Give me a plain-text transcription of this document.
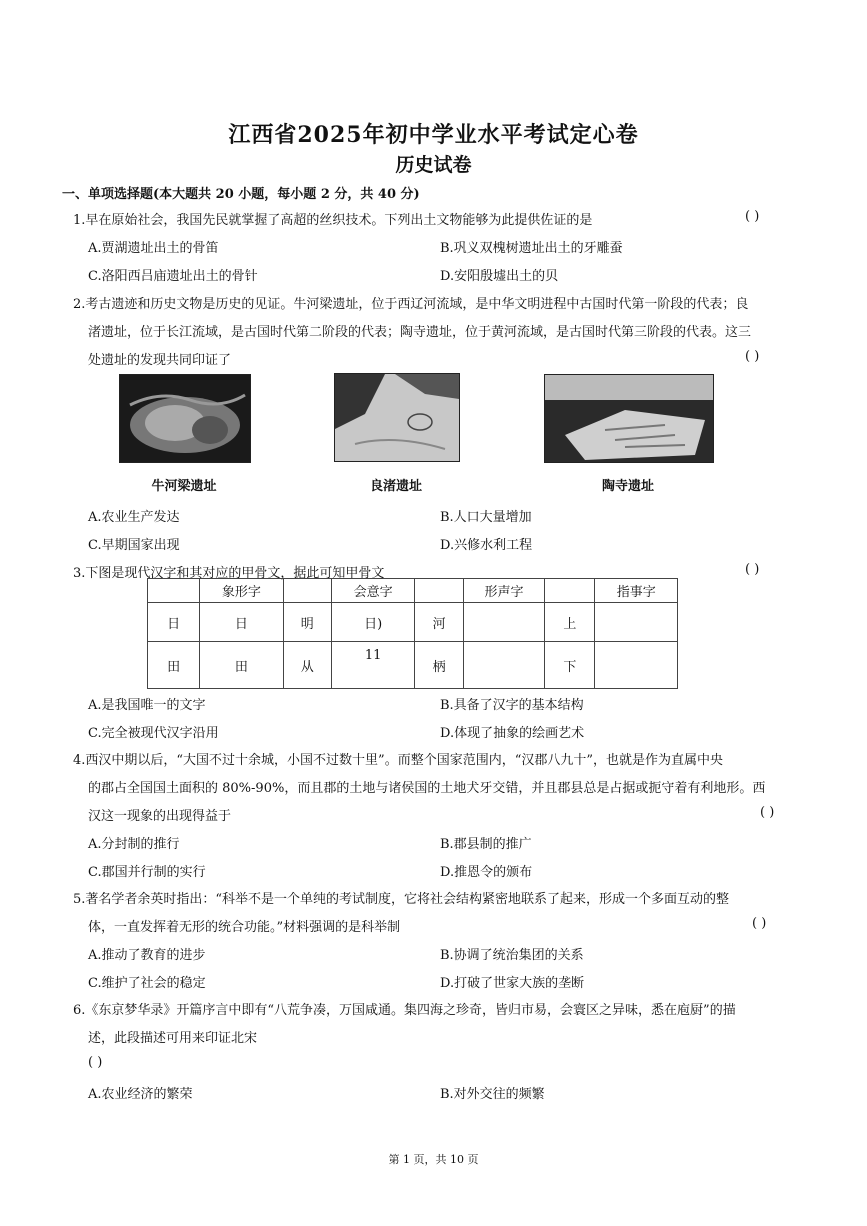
江西省2025年初中学业水平考试定心卷
历史试卷
一、单项选择题(本大题共 20 小题，每小题 2 分，共 40 分)
1.早在原始社会，我国先民就掌握了高超的丝织技术。下列出土文物能够为此提供佐证的是	( )
A.贾湖遗址出土的骨笛	B.巩义双槐树遗址出土的牙雕蚕
C.洛阳西吕庙遗址出土的骨针	D.安阳殷墟出土的贝
2.考古遗迹和历史文物是历史的见证。牛河梁遗址，位于西辽河流域，是中华文明进程中古国时代第一阶段的代表；良
渚遗址，位于长江流域，是古国时代第二阶段的代表；陶寺遗址，位于黄河流域，是古国时代第三阶段的代表。这三
处遗址的发现共同印证了	( )
牛河梁遗址	良渚遗址	陶寺遗址
A.农业生产发达	B.人口大量增加
C.早期国家出现	D.兴修水利工程
3.下图是现代汉字和其对应的甲骨文，据此可知甲骨文	( )
	象形字		会意字		形声字		指事字
日	日	明	日)	河		上	
田	田	从	11	柄		下	
A.是我国唯一的文字	B.具备了汉字的基本结构
C.完全被现代汉字沿用	D.体现了抽象的绘画艺术
4.西汉中期以后，“大国不过十余城，小国不过数十里”。而整个国家范围内，“汉郡八九十”，也就是作为直属中央
的郡占全国国土面积的 80%-90%，而且郡的土地与诸侯国的土地犬牙交错，并且郡县总是占据或扼守着有利地形。西
汉这一现象的出现得益于	( )
A.分封制的推行	B.郡县制的推广
C.郡国并行制的实行	D.推恩令的颁布
5.著名学者余英时指出：“科举不是一个单纯的考试制度，它将社会结构紧密地联系了起来，形成一个多面互动的整
体，一直发挥着无形的统合功能。”材料强调的是科举制	( )
A.推动了教育的进步	B.协调了统治集团的关系
C.维护了社会的稳定	D.打破了世家大族的垄断
6.《东京梦华录》开篇序言中即有“八荒争凑，万国咸通。集四海之珍奇，皆归市易，会寰区之异味，悉在庖厨”的描
述，此段描述可用来印证北宋
( )
A.农业经济的繁荣	B.对外交往的频繁
第 1 页，共 10 页
